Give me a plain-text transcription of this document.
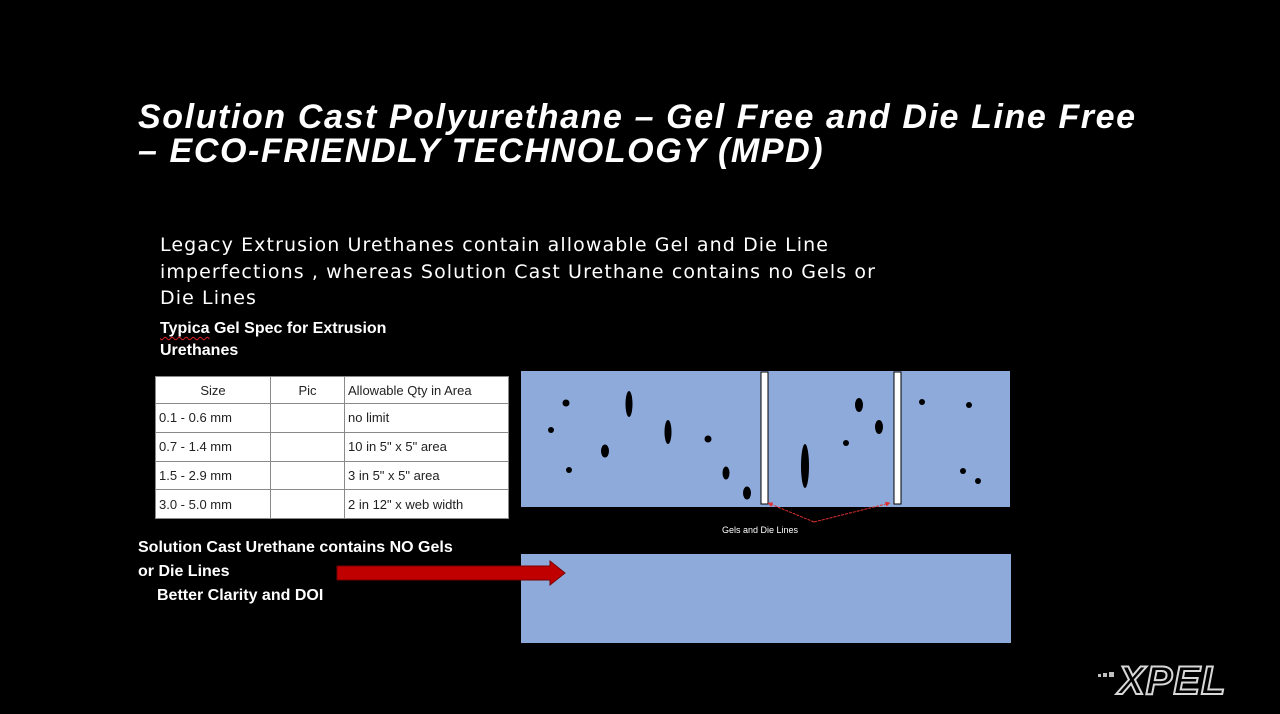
Solution Cast Polyurethane – Gel Free and Die Line Free
– ECO-FRIENDLY TECHNOLOGY (MPD)

Legacy Extrusion Urethanes contain allowable Gel and Die Line
imperfections , whereas Solution Cast Urethane contains no Gels or
Die Lines

Typica Gel Spec for Extrusion
Urethanes
Size	Pic	Allowable Qty in Area
0.1 - 0.6 mm		no limit
0.7 - 1.4 mm		10 in 5" x 5" area
1.5 - 2.9 mm		3 in 5" x 5" area
3.0 - 5.0 mm		2 in 12" x web width
Gels and Die Lines
Solution Cast Urethane contains NO Gels
or Die Lines
Better Clarity and DOI
XPEL
